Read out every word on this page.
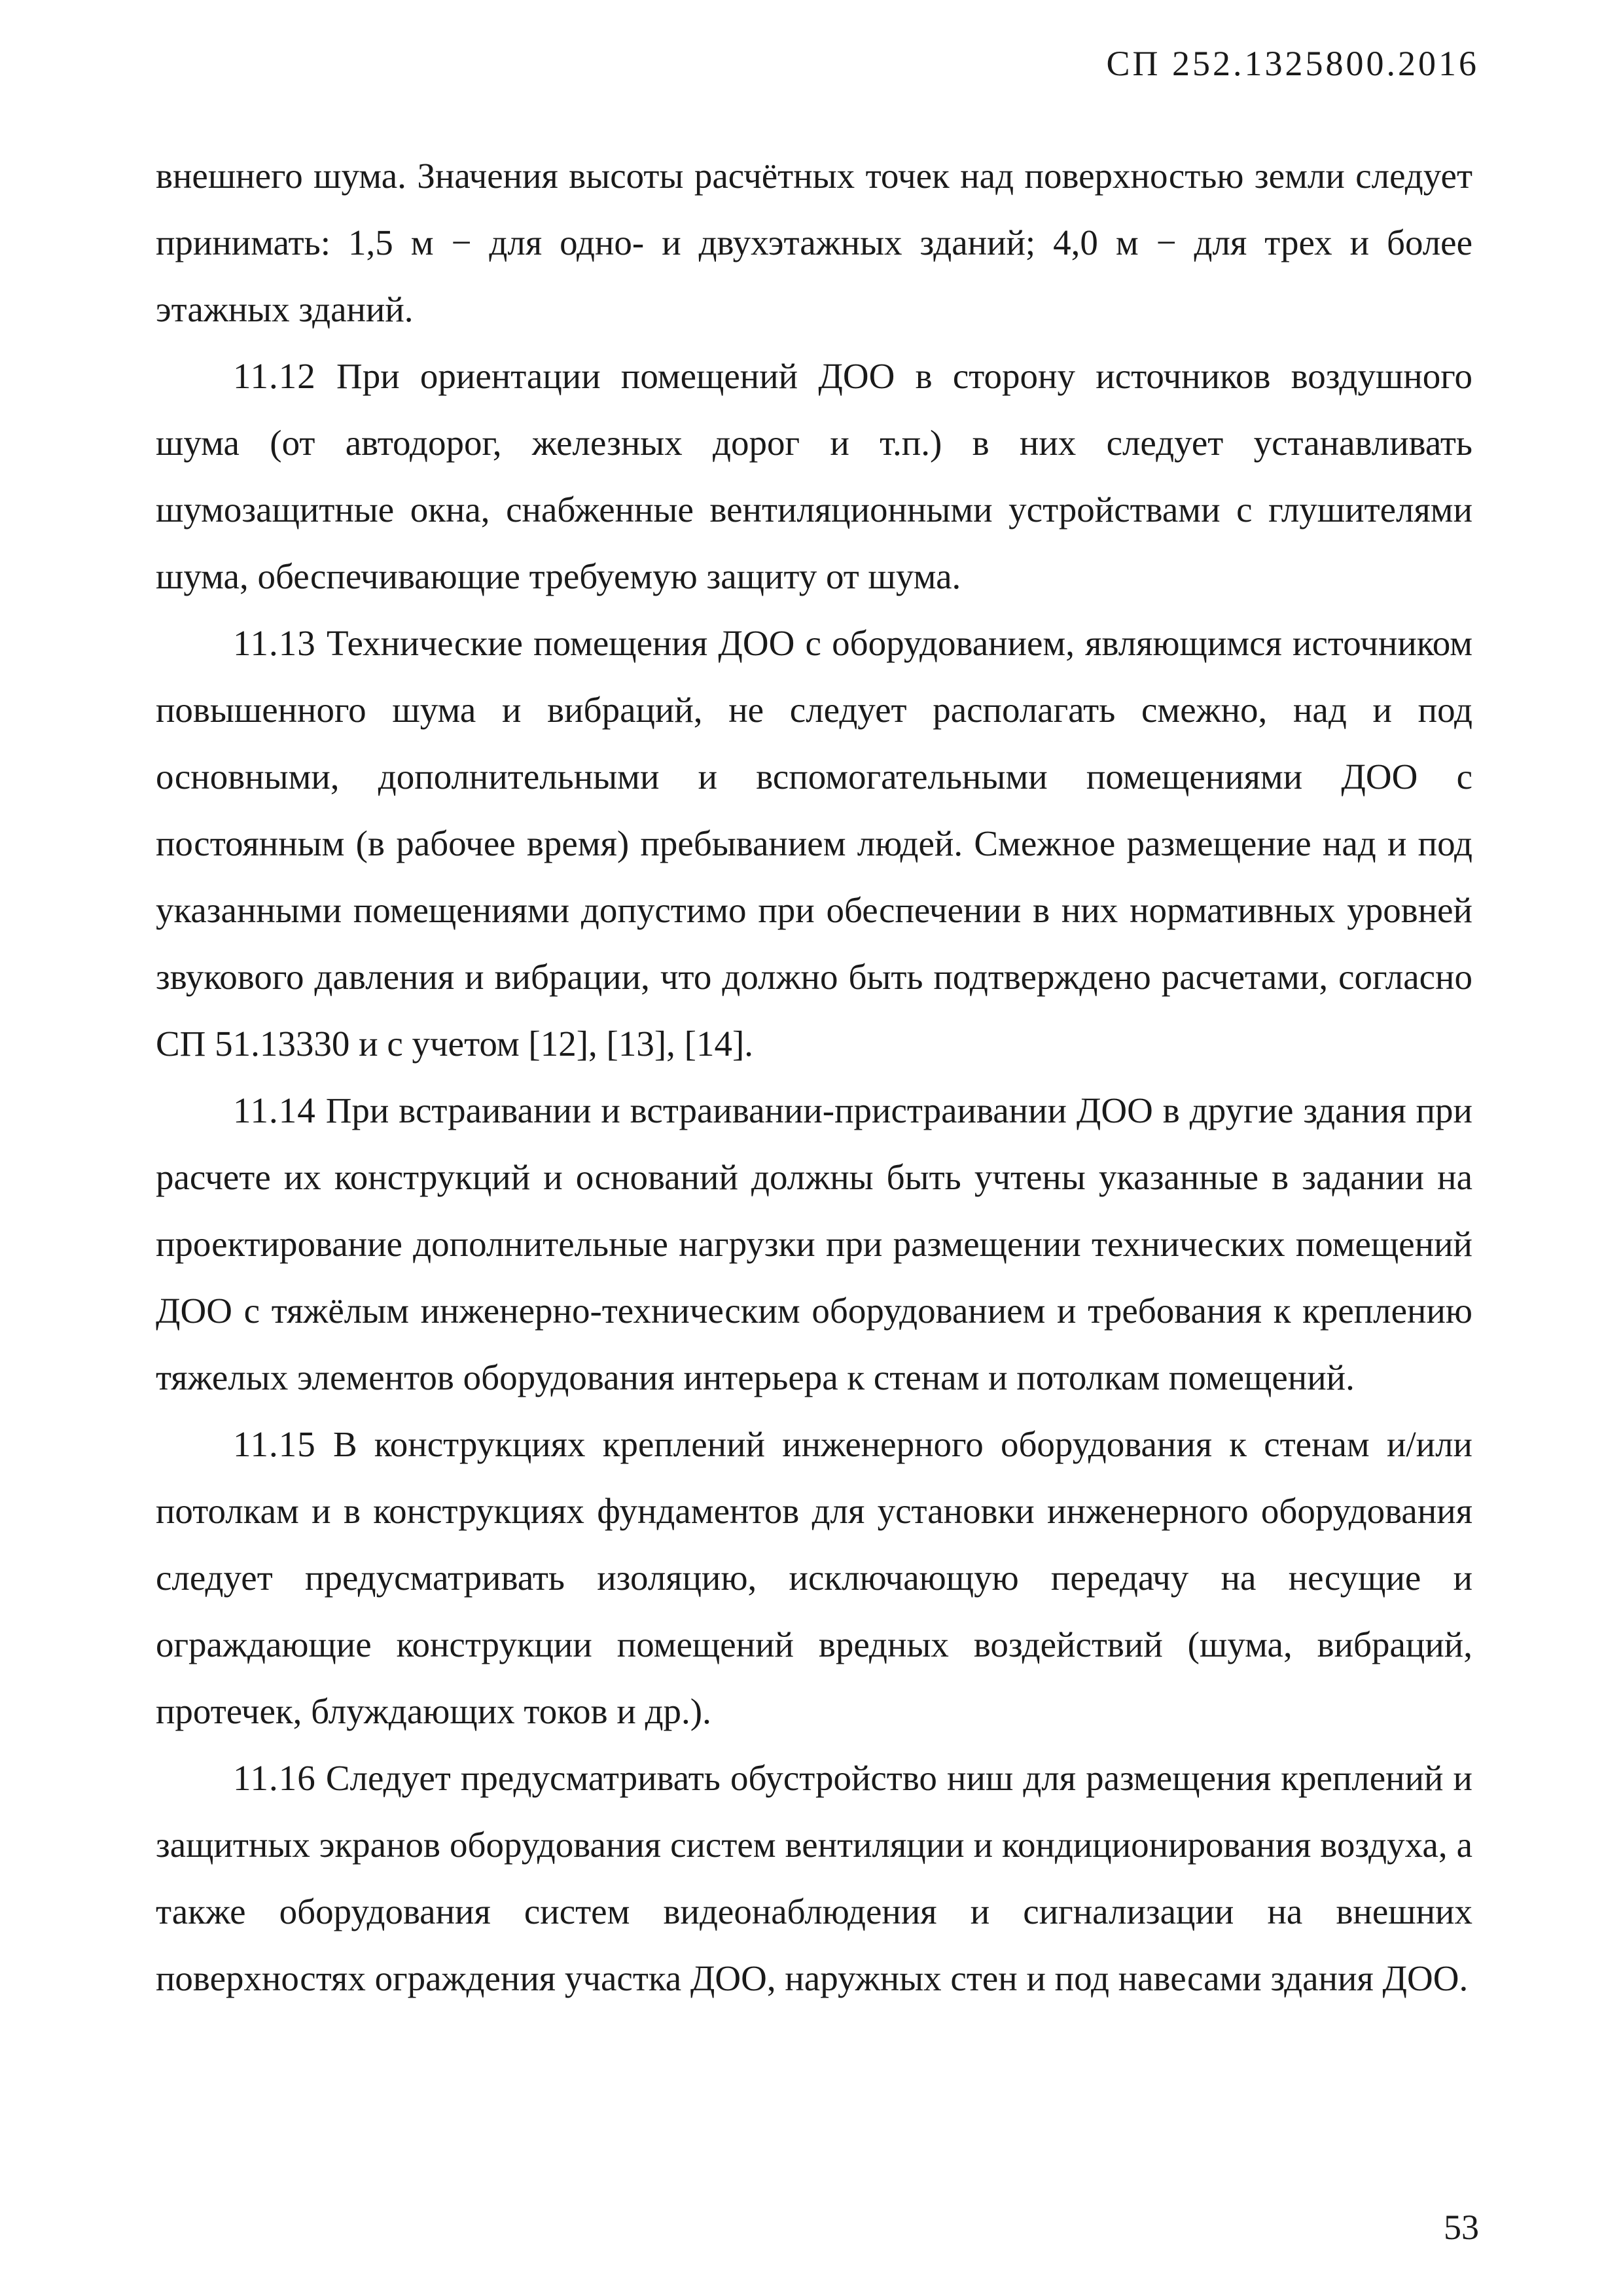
СП 252.1325800.2016

внешнего шума. Значения высоты расчётных точек над поверхностью земли следует принимать: 1,5 м − для одно- и двухэтажных зданий; 4,0 м − для трех и более этажных зданий.

11.12 При ориентации помещений ДОО в сторону источников воздушного шума (от автодорог, железных дорог и т.п.) в них следует устанавливать шумозащитные окна, снабженные вентиляционными устройствами с глушителями шума, обеспечивающие требуемую защиту от шума.

11.13 Технические помещения ДОО с оборудованием, являющимся источником повышенного шума и вибраций, не следует располагать смежно, над и под основными, дополнительными и вспомогательными помещениями ДОО с постоянным (в рабочее время) пребыванием людей. Смежное размещение над и под указанными помещениями допустимо при обеспечении в них нормативных уровней звукового давления и вибрации, что должно быть подтверждено расчетами, согласно СП 51.13330 и с учетом [12], [13], [14].

11.14 При встраивании и встраивании-пристраивании ДОО в другие здания при расчете их конструкций и оснований должны быть учтены указанные в задании на проектирование дополнительные нагрузки при размещении технических помещений ДОО с тяжёлым инженерно-техническим оборудованием и требования к креплению тяжелых элементов оборудования интерьера к стенам и потолкам помещений.

11.15 В конструкциях креплений инженерного оборудования к стенам и/или потолкам и в конструкциях фундаментов для установки инженерного оборудования следует предусматривать изоляцию, исключающую передачу на несущие и ограждающие конструкции помещений вредных воздействий (шума, вибраций, протечек, блуждающих токов и др.).

11.16 Следует предусматривать обустройство ниш для размещения креплений и защитных экранов оборудования систем вентиляции и кондиционирования воздуха, а также оборудования систем видеонаблюдения и сигнализации на внешних поверхностях ограждения участка ДОО, наружных стен и под навесами здания ДОО.

53
